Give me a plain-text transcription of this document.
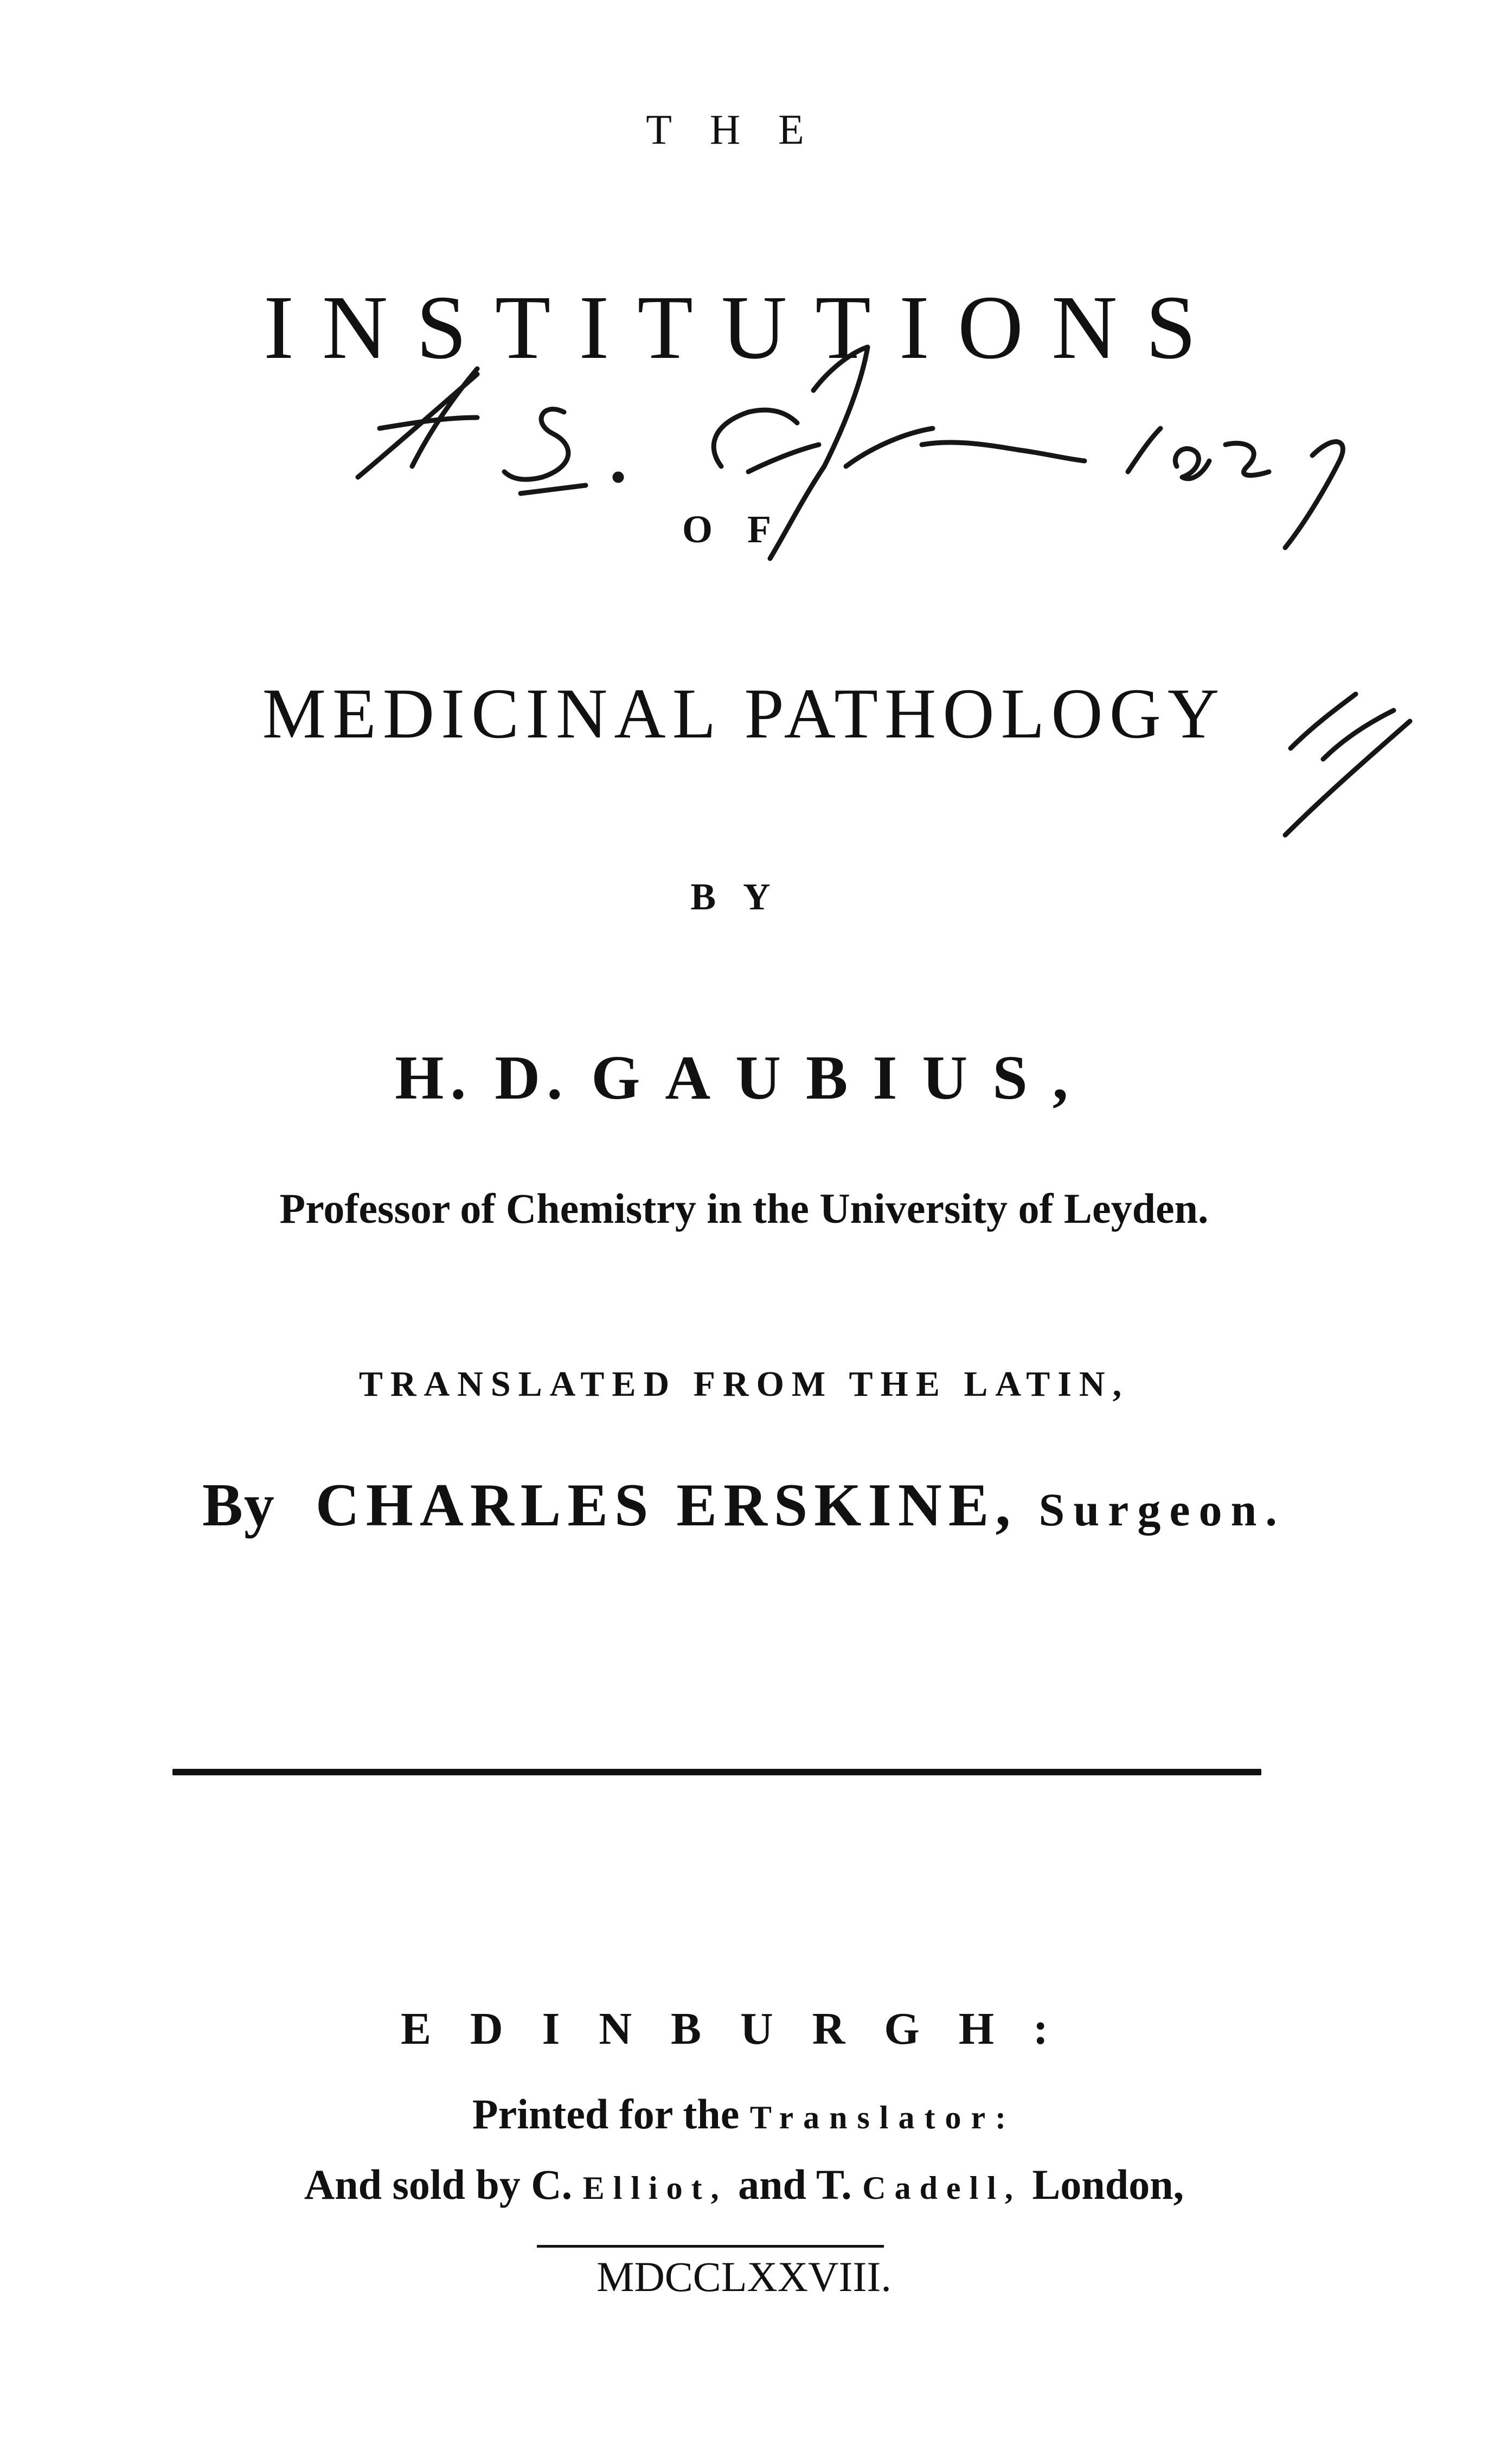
THE
INSTITUTIONS
OF
MEDICINAL PATHOLOGY
BY
H. D. GAUBIUS,
Professor of Chemistry in the University of Leyden.
TRANSLATED FROM THE LATIN,
By CHARLES ERSKINE, Surgeon.
EDINBURGH:
Printed for the Translator:
And sold by C. Elliot, and T. Cadell, London,
MDCCLXXVIII.
